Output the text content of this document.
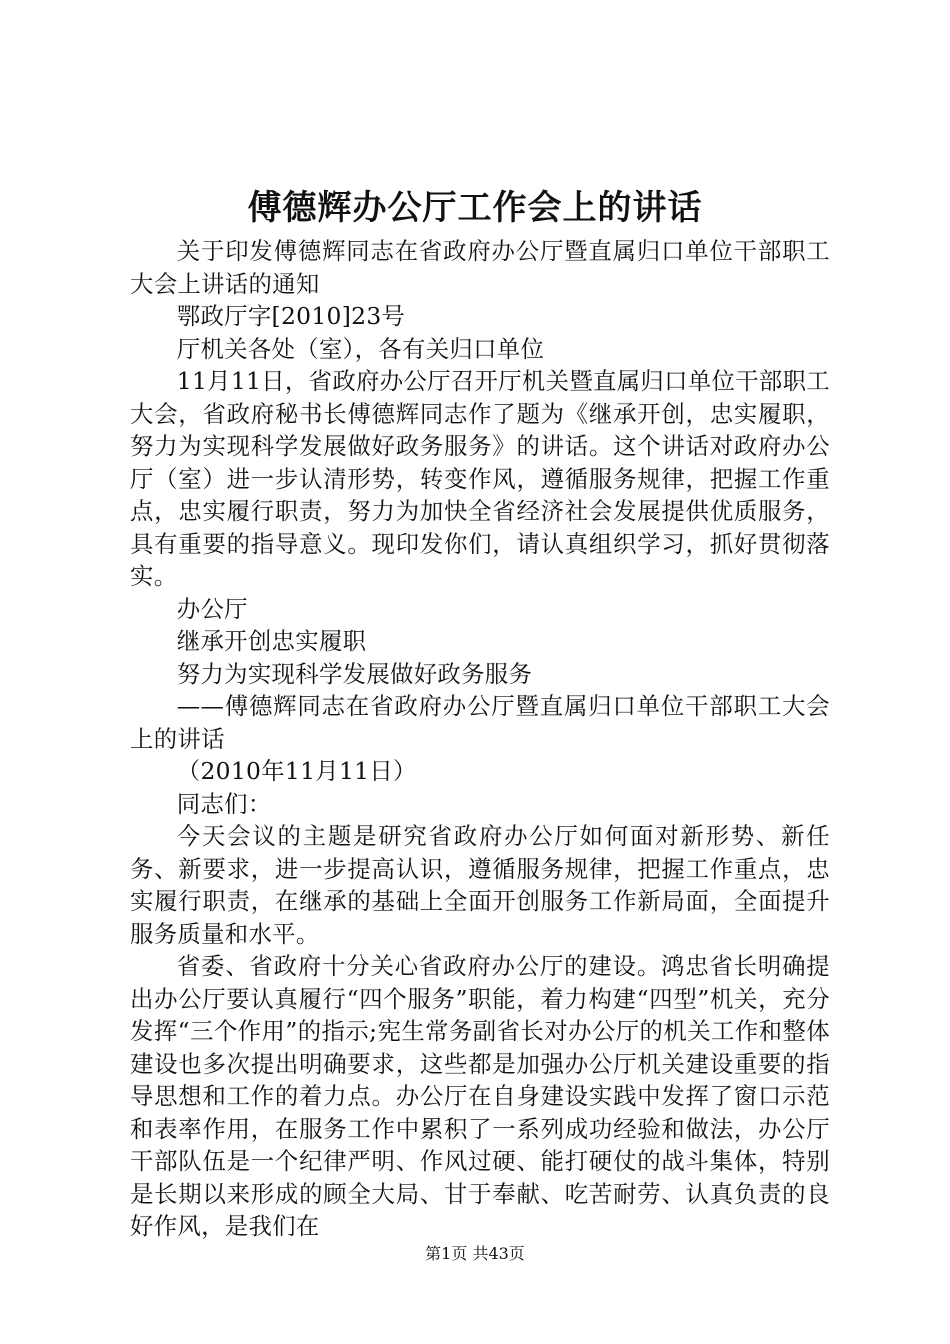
傅德辉办公厅工作会上的讲话

关于印发傅德辉同志在省政府办公厅暨直属归口单位干部职工大会上讲话的通知

鄂政厅字[2010]23号

厅机关各处（室），各有关归口单位

11月11日，省政府办公厅召开厅机关暨直属归口单位干部职工大会，省政府秘书长傅德辉同志作了题为《继承开创，忠实履职，努力为实现科学发展做好政务服务》的讲话。这个讲话对政府办公厅（室）进一步认清形势，转变作风，遵循服务规律，把握工作重点，忠实履行职责，努力为加快全省经济社会发展提供优质服务，具有重要的指导意义。现印发你们，请认真组织学习，抓好贯彻落实。

办公厅

继承开创忠实履职

努力为实现科学发展做好政务服务

——傅德辉同志在省政府办公厅暨直属归口单位干部职工大会上的讲话

（2010年11月11日）

同志们：

今天会议的主题是研究省政府办公厅如何面对新形势、新任务、新要求，进一步提高认识，遵循服务规律，把握工作重点，忠实履行职责，在继承的基础上全面开创服务工作新局面，全面提升服务质量和水平。

省委、省政府十分关心省政府办公厅的建设。鸿忠省长明确提出办公厅要认真履行“四个服务”职能，着力构建“四型”机关，充分发挥“三个作用”的指示;宪生常务副省长对办公厅的机关工作和整体建设也多次提出明确要求，这些都是加强办公厅机关建设重要的指导思想和工作的着力点。办公厅在自身建设实践中发挥了窗口示范和表率作用，在服务工作中累积了一系列成功经验和做法，办公厅干部队伍是一个纪律严明、作风过硬、能打硬仗的战斗集体，特别是长期以来形成的顾全大局、甘于奉献、吃苦耐劳、认真负责的良好作风，是我们在

第1页 共43页
